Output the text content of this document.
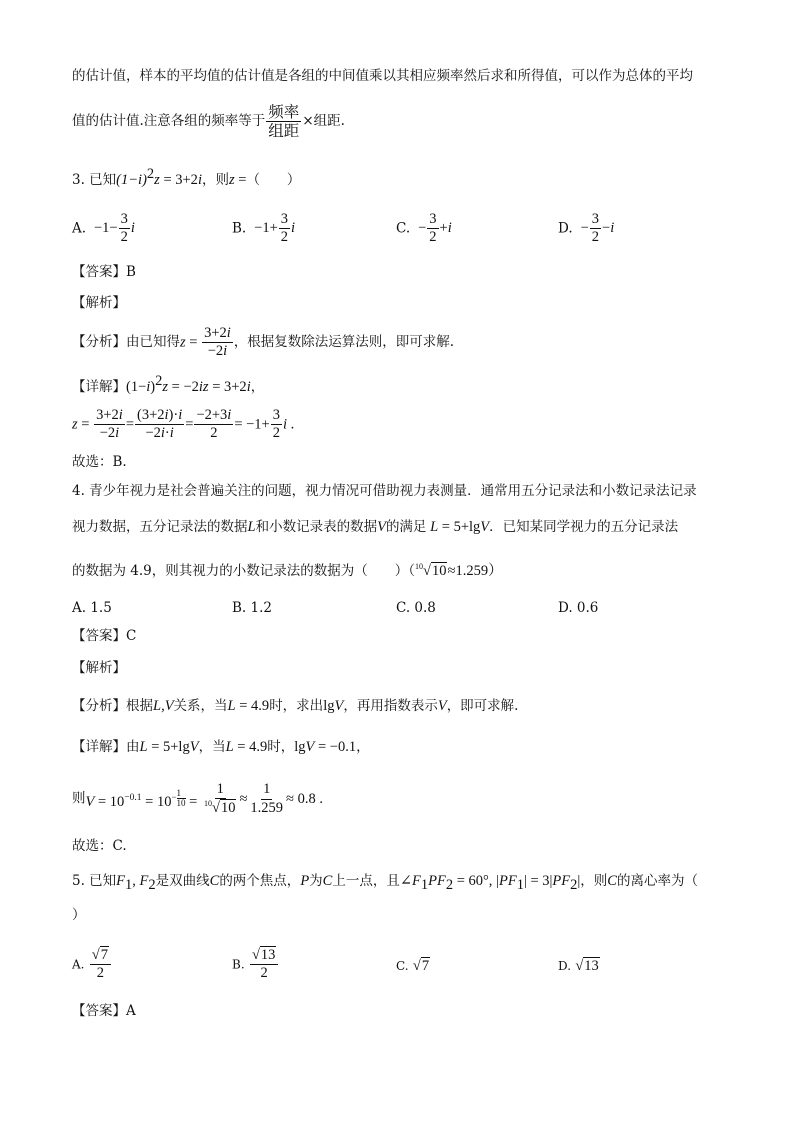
的估计值，样本的平均值的估计值是各组的中间值乘以其相应频率然后求和所得值，可以作为总体的平均
值的估计值.注意各组的频率等于 $\frac{\text{频率}}{\text{组距}}$ ×组距.
3. 已知$(1-i)^2z = 3+2i$，则z =（　　）
A.  $-1- \frac{3}{2}$ i	B.  $-1+ \frac{3}{2}$ i	C.  − $\frac{3}{2} +i$	D.  − $\frac{3}{2} -i$
【答案】B
【解析】
【分析】由已知得$z = \frac{3+2i}{-2i}$ ，根据复数除法运算法则，即可求解.
【详解】$(1-i)^2z = -2iz = 3+2i$，
$z = \frac{3+2i}{-2i} = \frac{(3+2i)\cdot i}{-2i\cdot i} = \frac{-2+3i}{2} = -1+ \frac{3}{2}$ i .
故选：B.
4. 青少年视力是社会普遍关注的问题，视力情况可借助视力表测量．通常用五分记录法和小数记录法记录
视力数据，五分记录法的数据L和小数记录表的数据V的满足 L = 5+lgV．已知某同学视力的五分记录法
的数据为 4.9，则其视力的小数记录法的数据为（　　）（$^{10}$√10≈1.259）
A. 1.5	B. 1.2	C. 0.8	D. 0.6
【答案】C
【解析】
【分析】根据L,V关系，当L = 4.9时，求出lgV，再用指数表示V，即可求解.
【详解】由L = 5+lgV，当L = 4.9时，lgV = −0.1，
则$V = 10^{-0.1} = 10^{- \frac{1}{10}} = \frac{1}{^{10}√10} \approx \frac{1}{1.259} \approx 0.8$ .
故选：C.
5. 已知$F_1$, $F_2$是双曲线C的两个焦点，P为C上一点，且$\angle F_1PF_2 = 60^\circ$, $|PF_1| = 3|PF_2|$，则C的离心率为（
）
A. $\frac{√7}{2}$	B. $\frac{√13}{2}$	C. √7	D. √13
【答案】A
